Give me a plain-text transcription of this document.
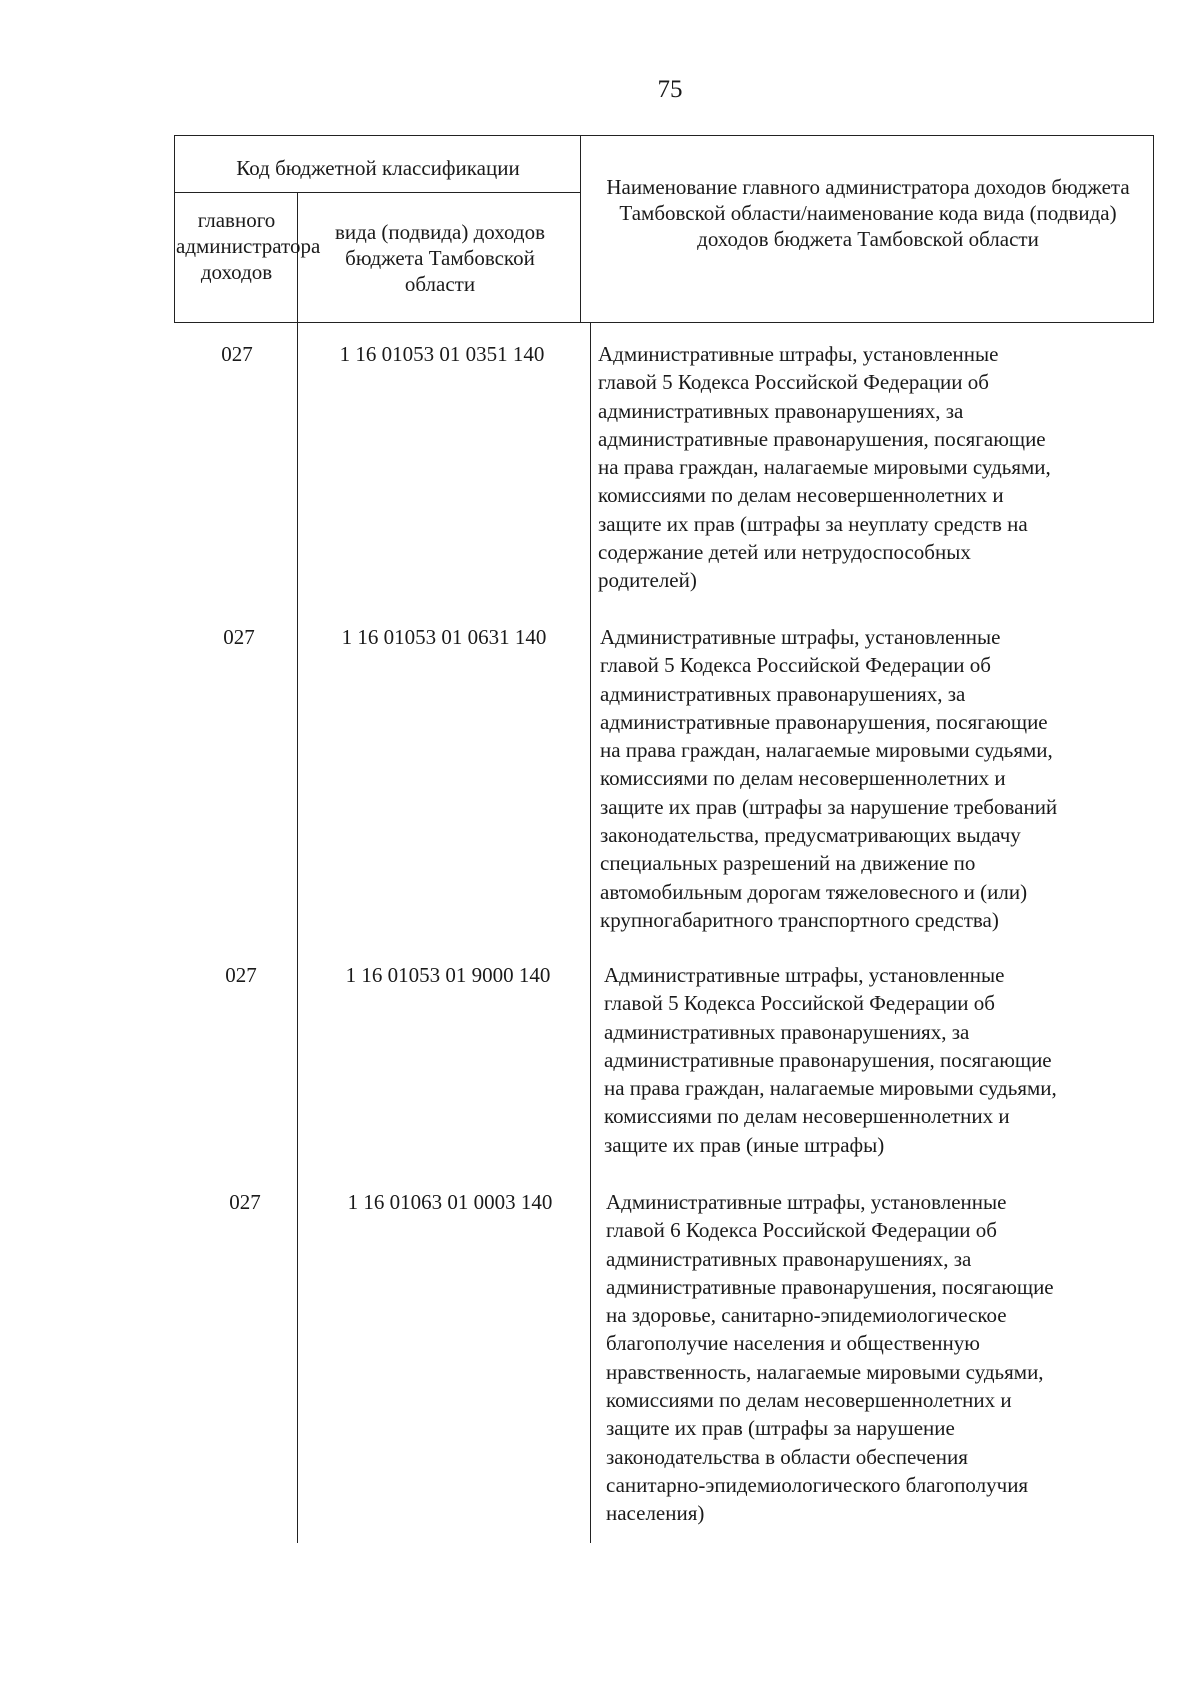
75
Код бюджетной классификации
главного администратора доходов
вида (подвида) доходов бюджета Тамбовской области
Наименование главного администратора доходов бюджета Тамбовской области/наименование кода вида (подвида) доходов бюджета Тамбовской области
027	1 16 01053 01 0351 140	Административные штрафы, установленные
главой 5 Кодекса Российской Федерации об
административных правонарушениях, за
административные правонарушения, посягающие
на права граждан, налагаемые мировыми судьями,
комиссиями по делам несовершеннолетних и
защите их прав (штрафы за неуплату средств на
содержание детей или нетрудоспособных
родителей)
027	1 16 01053 01 0631 140	Административные штрафы, установленные
главой 5 Кодекса Российской Федерации об
административных правонарушениях, за
административные правонарушения, посягающие
на права граждан, налагаемые мировыми судьями,
комиссиями по делам несовершеннолетних и
защите их прав (штрафы за нарушение требований
законодательства, предусматривающих выдачу
специальных разрешений на движение по
автомобильным дорогам тяжеловесного и (или)
крупногабаритного транспортного средства)
027	1 16 01053 01 9000 140	Административные штрафы, установленные
главой 5 Кодекса Российской Федерации об
административных правонарушениях, за
административные правонарушения, посягающие
на права граждан, налагаемые мировыми судьями,
комиссиями по делам несовершеннолетних и
защите их прав (иные штрафы)
027	1 16 01063 01 0003 140	Административные штрафы, установленные
главой 6 Кодекса Российской Федерации об
административных правонарушениях, за
административные правонарушения, посягающие
на здоровье, санитарно-эпидемиологическое
благополучие населения и общественную
нравственность, налагаемые мировыми судьями,
комиссиями по делам несовершеннолетних и
защите их прав (штрафы за нарушение
законодательства в области обеспечения
санитарно-эпидемиологического благополучия
населения)
